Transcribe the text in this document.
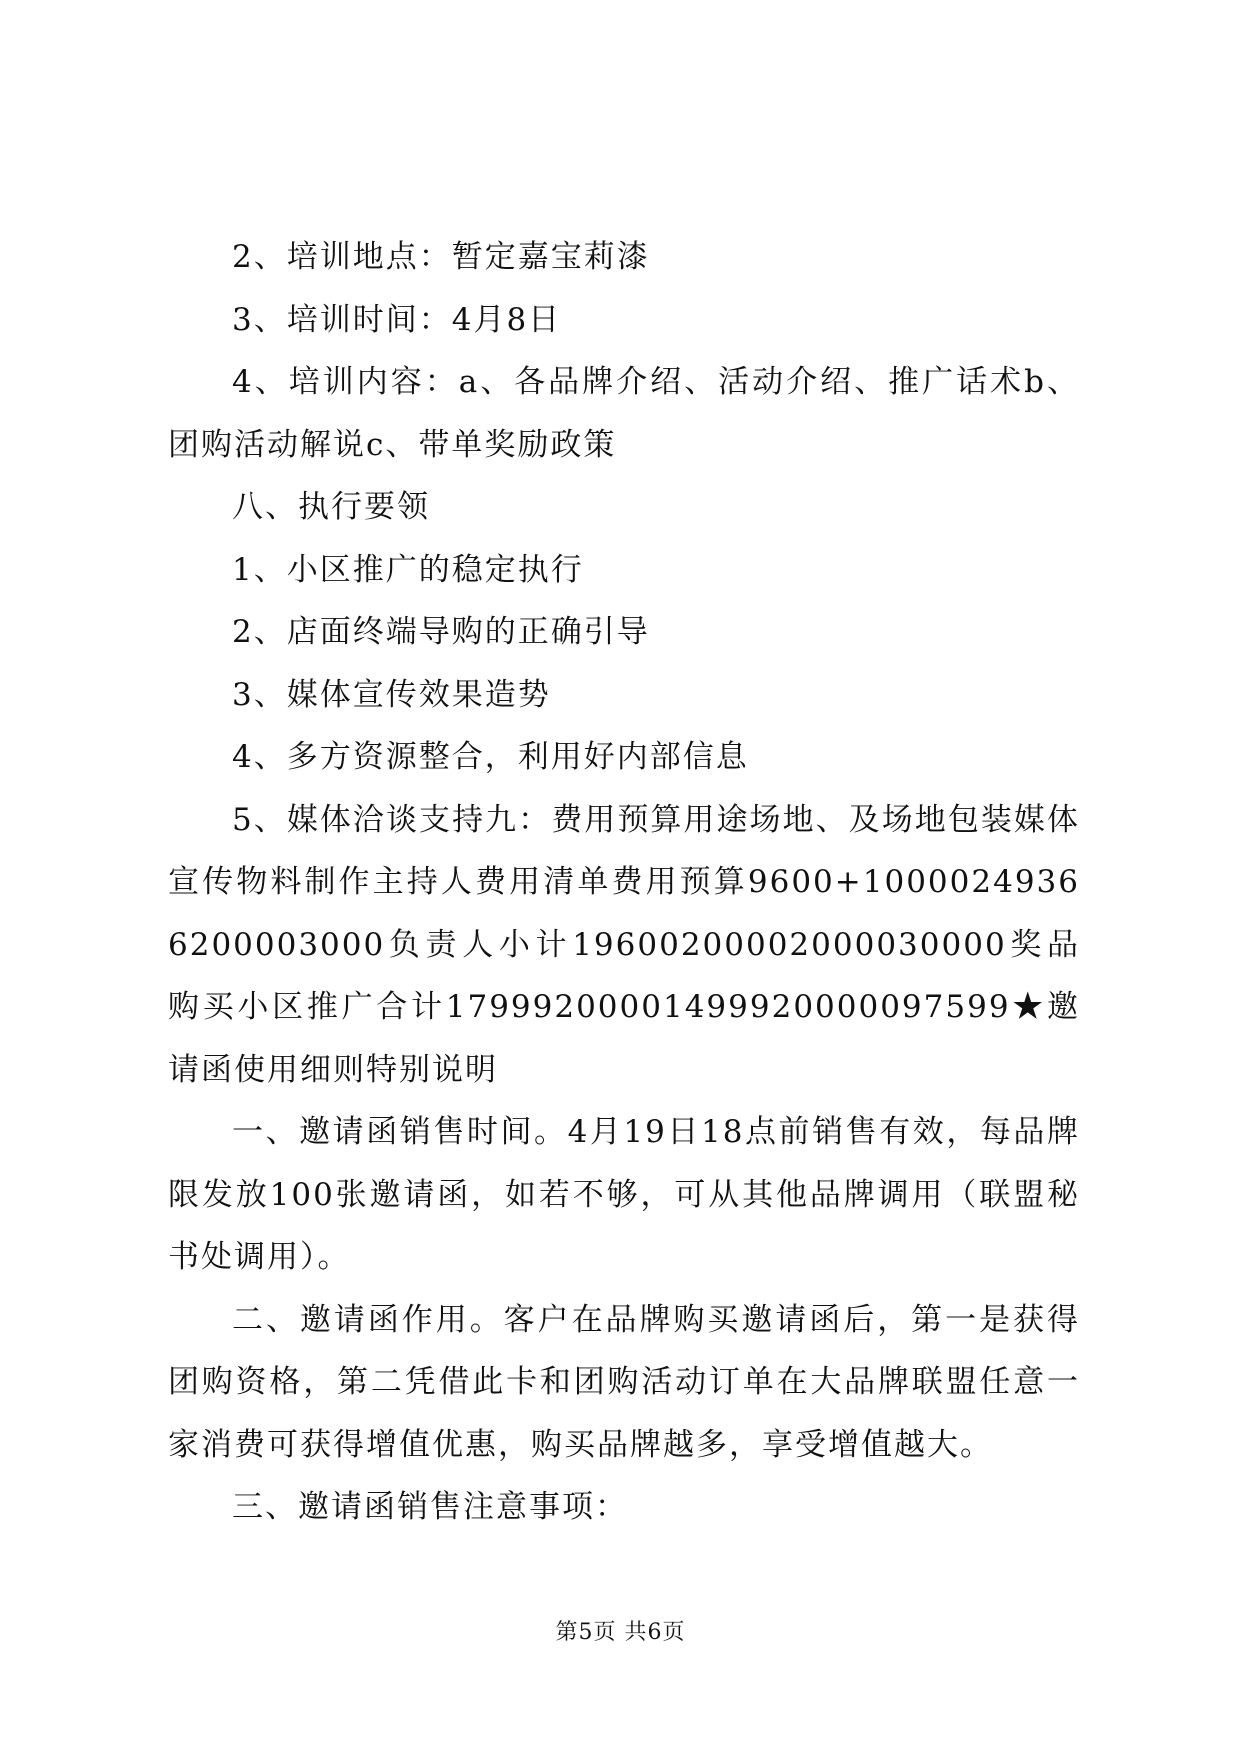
2、培训地点：暂定嘉宝莉漆

3、培训时间：4月8日

4、培训内容：a、各品牌介绍、活动介绍、推广话术b、团购活动解说c、带单奖励政策

八、执行要领

1、小区推广的稳定执行

2、店面终端导购的正确引导

3、媒体宣传效果造势

4、多方资源整合，利用好内部信息

5、媒体洽谈支持九：费用预算用途场地、及场地包装媒体宣传物料制作主持人费用清单费用预算9600+10000249366200003000负责人小计19600200002000030000奖品购买小区推广合计17999200001499920000097599★邀请函使用细则特别说明

一、邀请函销售时间。4月19日18点前销售有效，每品牌限发放100张邀请函，如若不够，可从其他品牌调用（联盟秘书处调用）。

二、邀请函作用。客户在品牌购买邀请函后，第一是获得团购资格，第二凭借此卡和团购活动订单在大品牌联盟任意一家消费可获得增值优惠，购买品牌越多，享受增值越大。

三、邀请函销售注意事项：

第5页 共6页
